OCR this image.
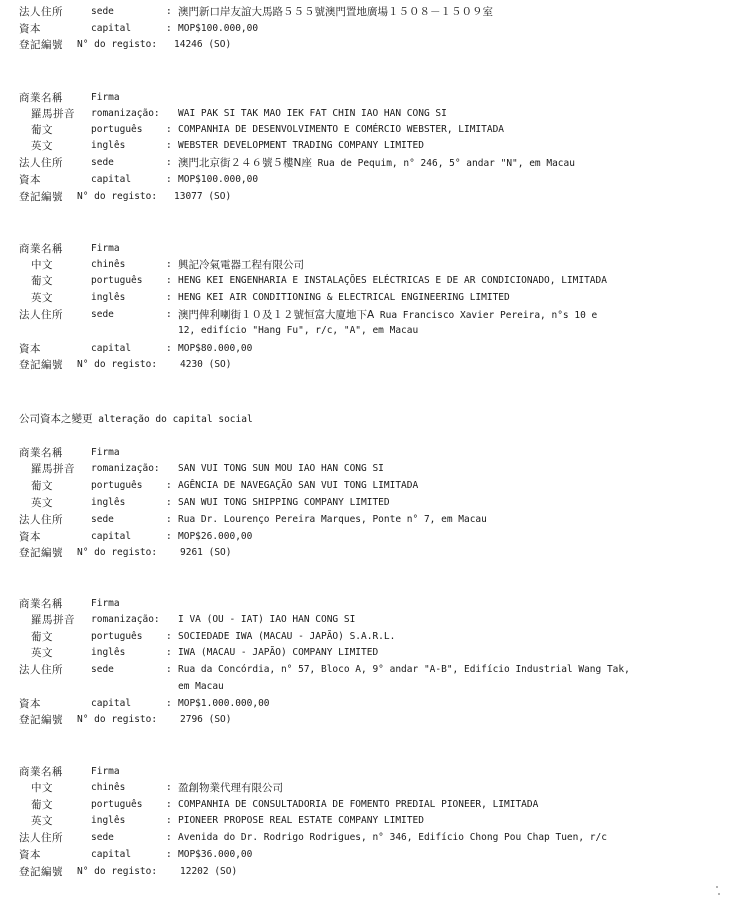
法人住所	sede	: 澳門新口岸友誼大馬路５５５號澳門置地廣場１５０８－１５０９室
資本	capital	: MOP$100.000,00
登記編號	N° do registo: 14246 (SO)
商業名稱	Firma
羅馬拼音	romanização: WAI PAK SI TAK MAO IEK FAT CHIN IAO HAN CONG SI
葡文	português : COMPANHIA DE DESENVOLVIMENTO E COMÉRCIO WEBSTER, LIMITADA
英文	inglês	: WEBSTER DEVELOPMENT TRADING COMPANY LIMITED
法人住所	sede	: 澳門北京街２４６號５樓N座 Rua de Pequim, n° 246, 5° andar "N", em Macau
資本	capital	: MOP$100.000,00
登記編號	N° do registo: 13077 (SO)
商業名稱	Firma
中文	chinês	: 興記冷氣電器工程有限公司
葡文	português : HENG KEI ENGENHARIA E INSTALAÇÕES ELÉCTRICAS E DE AR CONDICIONADO, LIMITADA
英文	inglês	: HENG KEI AIR CONDITIONING & ELECTRICAL ENGINEERING LIMITED
法人住所	sede	: 澳門俾利喇街１０及１２號恒富大廈地下A Rua Francisco Xavier Pereira, n°s 10 e
12, edifício "Hang Fu", r/c, "A", em Macau
資本	capital	: MOP$80.000,00
登記編號	N° do registo: 4230 (SO)
公司資本之變更 alteração do capital social
商業名稱	Firma
羅馬拼音	romanização: SAN VUI TONG SUN MOU IAO HAN CONG SI
葡文	português : AGÊNCIA DE NAVEGAÇÃO SAN VUI TONG LIMITADA
英文	inglês	: SAN WUI TONG SHIPPING COMPANY LIMITED
法人住所	sede	: Rua Dr. Lourenço Pereira Marques, Ponte n° 7, em Macau
資本	capital	: MOP$26.000,00
登記編號	N° do registo: 9261 (SO)
商業名稱	Firma
羅馬拼音	romanização: I VA (OU - IAT) IAO HAN CONG SI
葡文	português : SOCIEDADE IWA (MACAU - JAPÃO) S.A.R.L.
英文	inglês	: IWA (MACAU - JAPÃO) COMPANY LIMITED
法人住所	sede	: Rua da Concórdia, n° 57, Bloco A, 9° andar "A-B", Edifício Industrial Wang Tak,
em Macau
資本	capital	: MOP$1.000.000,00
登記編號	N° do registo: 2796 (SO)
商業名稱	Firma
中文	chinês	: 盈創物業代理有限公司
葡文	português : COMPANHIA DE CONSULTADORIA DE FOMENTO PREDIAL PIONEER, LIMITADA
英文	inglês	: PIONEER PROPOSE REAL ESTATE COMPANY LIMITED
法人住所	sede	: Avenida do Dr. Rodrigo Rodrigues, n° 346, Edifício Chong Pou Chap Tuen, r/c
資本	capital	: MOP$36.000,00
登記編號	N° do registo: 12202 (SO)
